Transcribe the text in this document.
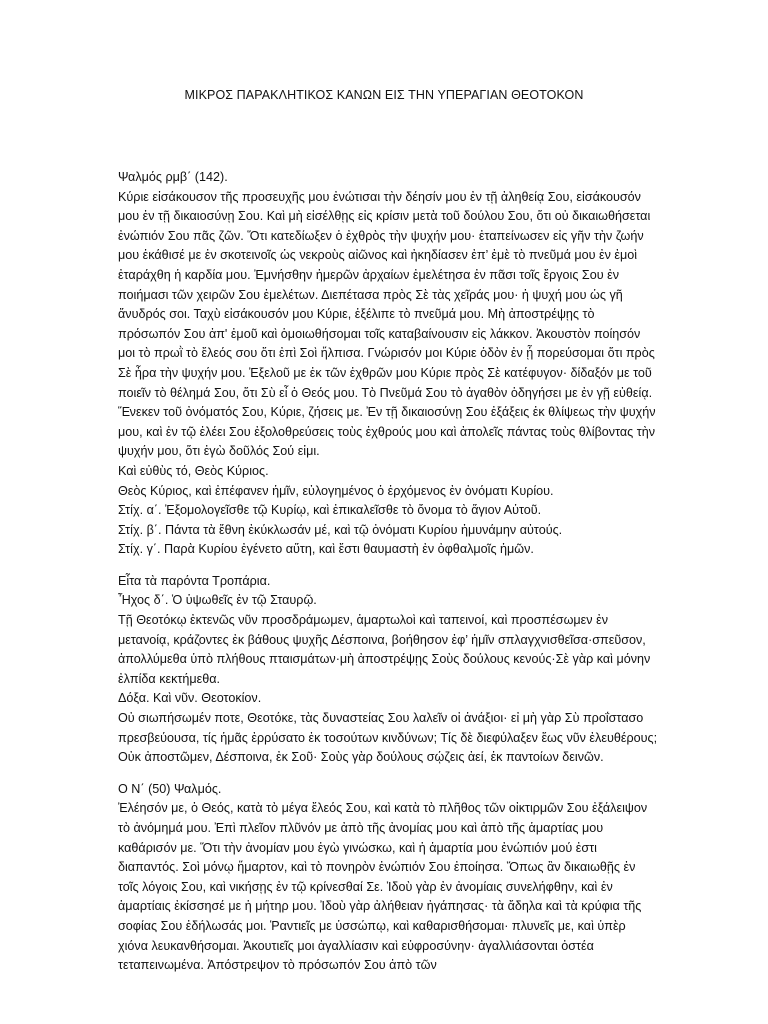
ΜΙΚΡΟΣ ΠΑΡΑΚΛΗΤΙΚΟΣ ΚΑΝΩΝ ΕΙΣ ΤΗΝ ΥΠΕΡΑΓΙΑΝ ΘΕΟΤΟΚΟΝ

Ψαλμός ρμβ΄ (142).

Κύριε εἰσάκουσον τῆς προσευχῆς μου ἐνώτισαι τὴν δέησίν μου ἐν τῇ ἀληθείᾳ Σου, εἰσάκουσόν μου ἐν τῇ δικαιοσύνῃ Σου. Καὶ μὴ εἰσέλθῃς εἰς κρίσιν μετὰ τοῦ δούλου Σου, ὅτι οὐ δικαιωθήσεται ἐνώπιόν Σου πᾶς ζῶν. Ὅτι κατεδίωξεν ὁ ἐχθρὸς τὴν ψυχήν μου· ἐταπείνωσεν εἰς γῆν τὴν ζωήν μου ἐκάθισέ με ἐν σκοτεινοῖς ὡς νεκροὺς αἰῶνος καὶ ἠκηδίασεν ἐπ’ ἐμὲ τὸ πνεῦμά μου ἐν ἐμοὶ ἐταράχθη ἡ καρδία μου. Ἐμνήσθην ἡμερῶν ἀρχαίων ἐμελέτησα ἐν πᾶσι τοῖς ἔργοις Σου ἐν ποιήμασι τῶν χειρῶν Σου ἐμελέτων. Διεπέτασα πρὸς Σὲ τὰς χεῖράς μου· ἡ ψυχή μου ὡς γῆ ἄνυδρός σοι. Ταχὺ εἰσάκουσόν μου Κύριε, ἐξέλιπε τὸ πνεῦμά μου. Μὴ ἀποστρέψῃς τὸ πρόσωπόν Σου ἀπ' ἐμοῦ καὶ ὁμοιωθήσομαι τοῖς καταβαίνουσιν εἰς λάκκον. Ἀκουστὸν ποίησόν μοι τὸ πρωῒ τὸ ἔλεός σου ὅτι ἐπὶ Σοὶ ἤλπισα. Γνώρισόν μοι Κύριε ὁδὸν ἐν ᾗ πορεύσομαι ὅτι πρὸς Σὲ ἦρα τὴν ψυχήν μου. Ἐξελοῦ με ἐκ τῶν ἐχθρῶν μου Κύριε πρὸς Σὲ κατέφυγον· δίδαξόν με τοῦ ποιεῖν τὸ θέλημά Σου, ὅτι Σὺ εἶ ὁ Θεός μου. Τὸ Πνεῦμά Σου τὸ ἀγαθὸν ὁδηγήσει με ἐν γῇ εὐθείᾳ. Ἕνεκεν τοῦ ὀνόματός Σου, Κύριε, ζήσεις με. Ἐν τῇ δικαιοσύνῃ Σου ἐξάξεις ἐκ θλίψεως τὴν ψυχήν μου, καὶ ἐν τῷ ἐλέει Σου ἐξολοθρεύσεις τοὺς ἐχθρούς μου καὶ ἀπολεῖς πάντας τοὺς θλίβοντας τὴν ψυχήν μου, ὅτι ἐγὼ δοῦλός Σού εἰμι.

Καὶ εὐθὺς τό, Θεὸς Κύριος.

Θεὸς Κύριος, καὶ ἐπέφανεν ἡμῖν, εὐλογημένος ὁ ἐρχόμενος ἐν ὀνόματι Κυρίου.

Στίχ. α΄. Ἐξομολογεῖσθε τῷ Κυρίῳ, καὶ ἐπικαλεῖσθε τὸ ὄνομα τὸ ἅγιον Αὐτοῦ.

Στίχ. β΄. Πάντα τὰ ἔθνη ἐκύκλωσάν μέ, καὶ τῷ ὀνόματι Κυρίου ἠμυνάμην αὐτούς.

Στίχ. γ΄. Παρὰ Κυρίου ἐγένετο αὕτη, καὶ ἔστι θαυμαστὴ ἐν ὀφθαλμοῖς ἡμῶν.

Εἶτα τὰ παρόντα Τροπάρια.

Ἦχος δ΄. Ὁ ὑψωθεῖς ἐν τῷ Σταυρῷ.

Τῇ Θεοτόκῳ ἐκτενῶς νῦν προσδράμωμεν, ἁμαρτωλοὶ καὶ ταπεινοί, καὶ προσπέσωμεν ἐν μετανοίᾳ, κράζοντες ἐκ βάθους ψυχῆς Δέσποινα, βοήθησον ἐφ’ ἡμῖν σπλαγχνισθεῖσα·σπεῦσον, ἀπολλύμεθα ὑπὸ πλήθους πταισμάτων·μὴ ἀποστρέψῃς Σοὺς δούλους κενούς·Σὲ γὰρ καὶ μόνην ἐλπίδα κεκτήμεθα.

Δόξα. Καὶ νῦν. Θεοτοκίον.

Οὐ σιωπήσωμέν ποτε, Θεοτόκε, τὰς δυναστείας Σου λαλεῖν οἱ ἀνάξιοι· εἰ μὴ γὰρ Σὺ προΐστασο πρεσβεύουσα, τίς ἡμᾶς ἐρρύσατο ἐκ τοσούτων κινδύνων; Τίς δὲ διεφύλαξεν ἕως νῦν ἐλευθέρους; Οὐκ ἀποστῶμεν, Δέσποινα, ἐκ Σοῦ· Σοὺς γὰρ δούλους σῴζεις ἀεί, ἐκ παντοίων δεινῶν.

Ο Ν΄ (50) Ψαλμός.

Ἐλέησόν με, ὁ Θεός, κατὰ τὸ μέγα ἔλεός Σου, καὶ κατὰ τὸ πλῆθος τῶν οἰκτιρμῶν Σου ἐξάλειψον τὸ ἀνόμημά μου. Ἐπὶ πλεῖον πλῦνόν με ἀπὸ τῆς ἀνομίας μου καὶ ἀπὸ τῆς ἁμαρτίας μου καθάρισόν με. Ὅτι τὴν ἀνομίαν μου ἐγὼ γινώσκω, καὶ ἡ ἁμαρτία μου ἐνώπιόν μού ἐστι διαπαντός. Σοὶ μόνῳ ἥμαρτον, καὶ τὸ πονηρὸν ἐνώπιόν Σου ἐποίησα. Ὅπως ἂν δικαιωθῇς ἐν τοῖς λόγοις Σου, καὶ νικήσῃς ἐν τῷ κρίνεσθαί Σε. Ἰδοὺ γὰρ ἐν ἀνομίαις συνελήφθην, καὶ ἐν ἁμαρτίαις ἐκίσσησέ με ἡ μήτηρ μου. Ἰδοὺ γὰρ ἀλήθειαν ἠγάπησας· τὰ ἄδηλα καὶ τὰ κρύφια τῆς σοφίας Σου ἐδήλωσάς μοι. Ῥαντιεῖς με ὑσσώπῳ, καὶ καθαρισθήσομαι· πλυνεῖς με, καὶ ὑπὲρ χιόνα λευκανθήσομαι. Ἀκουτιεῖς μοι ἀγαλλίασιν καὶ εὐφροσύνην· ἀγαλλιάσονται ὀστέα τεταπεινωμένα. Ἀπόστρεψον τὸ πρόσωπόν Σου ἀπὸ τῶν
